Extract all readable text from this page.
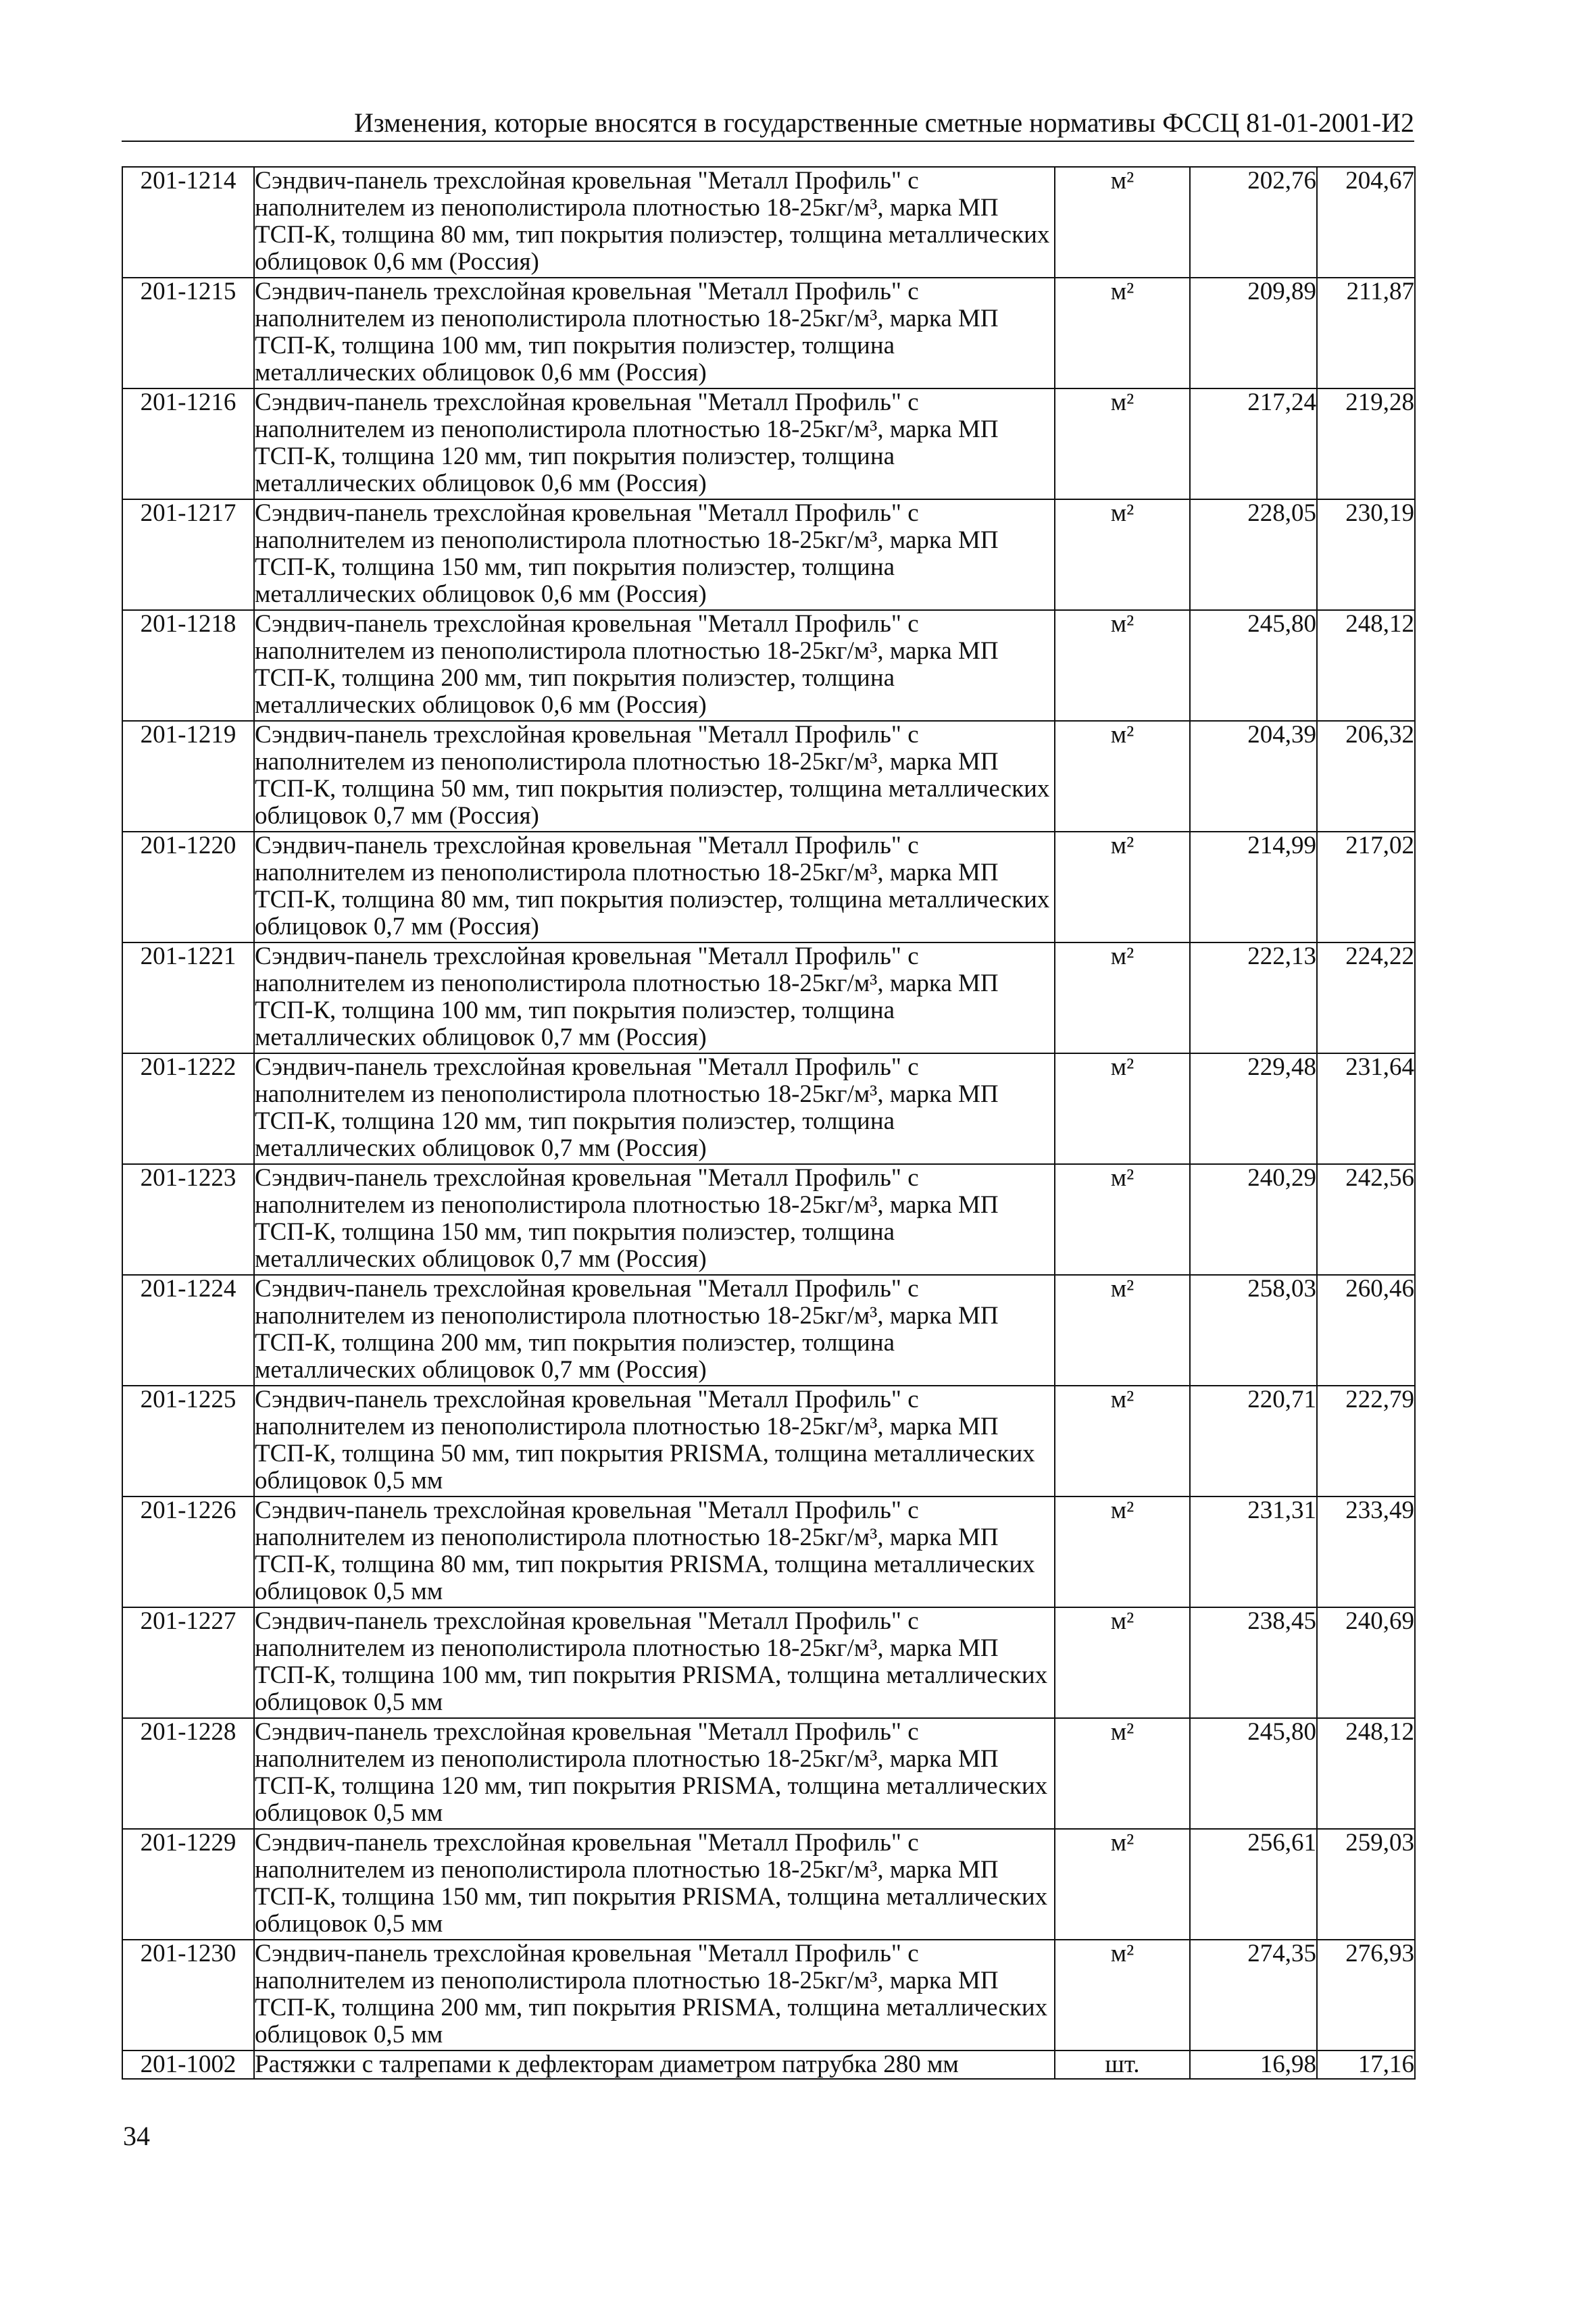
Изменения, которые вносятся в государственные сметные нормативы ФССЦ 81-01-2001-И2
201-1214	Сэндвич-панель трехслойная кровельная "Металл Профиль" с наполнителем из пенополистирола плотностью 18-25кг/м³, марка МП ТСП-К, толщина 80 мм, тип покрытия полиэстер, толщина металлических облицовок 0,6 мм (Россия)	м²	202,76	204,67
201-1215	Сэндвич-панель трехслойная кровельная "Металл Профиль" с наполнителем из пенополистирола плотностью 18-25кг/м³, марка МП ТСП-К, толщина 100 мм, тип покрытия полиэстер, толщина металлических облицовок 0,6 мм (Россия)	м²	209,89	211,87
201-1216	Сэндвич-панель трехслойная кровельная "Металл Профиль" с наполнителем из пенополистирола плотностью 18-25кг/м³, марка МП ТСП-К, толщина 120 мм, тип покрытия полиэстер, толщина металлических облицовок 0,6 мм (Россия)	м²	217,24	219,28
201-1217	Сэндвич-панель трехслойная кровельная "Металл Профиль" с наполнителем из пенополистирола плотностью 18-25кг/м³, марка МП ТСП-К, толщина 150 мм, тип покрытия полиэстер, толщина металлических облицовок 0,6 мм (Россия)	м²	228,05	230,19
201-1218	Сэндвич-панель трехслойная кровельная "Металл Профиль" с наполнителем из пенополистирола плотностью 18-25кг/м³, марка МП ТСП-К, толщина 200 мм, тип покрытия полиэстер, толщина металлических облицовок 0,6 мм (Россия)	м²	245,80	248,12
201-1219	Сэндвич-панель трехслойная кровельная "Металл Профиль" с наполнителем из пенополистирола плотностью 18-25кг/м³, марка МП ТСП-К, толщина 50 мм, тип покрытия полиэстер, толщина металлических облицовок 0,7 мм (Россия)	м²	204,39	206,32
201-1220	Сэндвич-панель трехслойная кровельная "Металл Профиль" с наполнителем из пенополистирола плотностью 18-25кг/м³, марка МП ТСП-К, толщина 80 мм, тип покрытия полиэстер, толщина металлических облицовок 0,7 мм (Россия)	м²	214,99	217,02
201-1221	Сэндвич-панель трехслойная кровельная "Металл Профиль" с наполнителем из пенополистирола плотностью 18-25кг/м³, марка МП ТСП-К, толщина 100 мм, тип покрытия полиэстер, толщина металлических облицовок 0,7 мм (Россия)	м²	222,13	224,22
201-1222	Сэндвич-панель трехслойная кровельная "Металл Профиль" с наполнителем из пенополистирола плотностью 18-25кг/м³, марка МП ТСП-К, толщина 120 мм, тип покрытия полиэстер, толщина металлических облицовок 0,7 мм (Россия)	м²	229,48	231,64
201-1223	Сэндвич-панель трехслойная кровельная "Металл Профиль" с наполнителем из пенополистирола плотностью 18-25кг/м³, марка МП ТСП-К, толщина 150 мм, тип покрытия полиэстер, толщина металлических облицовок 0,7 мм (Россия)	м²	240,29	242,56
201-1224	Сэндвич-панель трехслойная кровельная "Металл Профиль" с наполнителем из пенополистирола плотностью 18-25кг/м³, марка МП ТСП-К, толщина 200 мм, тип покрытия полиэстер, толщина металлических облицовок 0,7 мм (Россия)	м²	258,03	260,46
201-1225	Сэндвич-панель трехслойная кровельная "Металл Профиль" с наполнителем из пенополистирола плотностью 18-25кг/м³, марка МП ТСП-К, толщина 50 мм, тип покрытия PRISMA, толщина металлических облицовок 0,5 мм	м²	220,71	222,79
201-1226	Сэндвич-панель трехслойная кровельная "Металл Профиль" с наполнителем из пенополистирола плотностью 18-25кг/м³, марка МП ТСП-К, толщина 80 мм, тип покрытия PRISMA, толщина металлических облицовок 0,5 мм	м²	231,31	233,49
201-1227	Сэндвич-панель трехслойная кровельная "Металл Профиль" с наполнителем из пенополистирола плотностью 18-25кг/м³, марка МП ТСП-К, толщина 100 мм, тип покрытия PRISMA, толщина металлических облицовок 0,5 мм	м²	238,45	240,69
201-1228	Сэндвич-панель трехслойная кровельная "Металл Профиль" с наполнителем из пенополистирола плотностью 18-25кг/м³, марка МП ТСП-К, толщина 120 мм, тип покрытия PRISMA, толщина металлических облицовок 0,5 мм	м²	245,80	248,12
201-1229	Сэндвич-панель трехслойная кровельная "Металл Профиль" с наполнителем из пенополистирола плотностью 18-25кг/м³, марка МП ТСП-К, толщина 150 мм, тип покрытия PRISMA, толщина металлических облицовок 0,5 мм	м²	256,61	259,03
201-1230	Сэндвич-панель трехслойная кровельная "Металл Профиль" с наполнителем из пенополистирола плотностью 18-25кг/м³, марка МП ТСП-К, толщина 200 мм, тип покрытия PRISMA, толщина металлических облицовок 0,5 мм	м²	274,35	276,93
201-1002	Растяжки с талрепами к дефлекторам диаметром патрубка 280 мм	шт.	16,98	17,16
34
